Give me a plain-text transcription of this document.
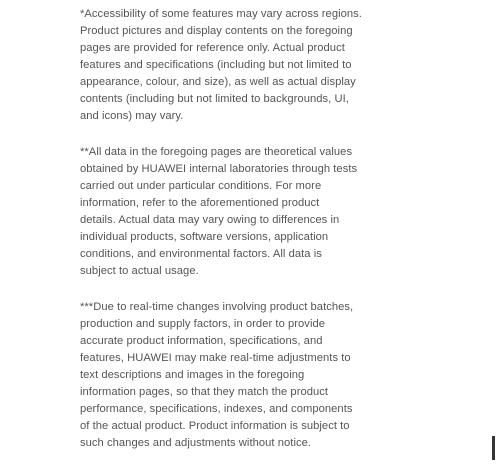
*Accessibility of some features may vary across regions.
Product pictures and display contents on the foregoing
pages are provided for reference only. Actual product
features and specifications (including but not limited to
appearance, colour, and size), as well as actual display
contents (including but not limited to backgrounds, UI,
and icons) may vary.

**All data in the foregoing pages are theoretical values
obtained by HUAWEI internal laboratories through tests
carried out under particular conditions. For more
information, refer to the aforementioned product
details. Actual data may vary owing to differences in
individual products, software versions, application
conditions, and environmental factors. All data is
subject to actual usage.

***Due to real-time changes involving product batches,
production and supply factors, in order to provide
accurate product information, specifications, and
features, HUAWEI may make real-time adjustments to
text descriptions and images in the foregoing
information pages, so that they match the product
performance, specifications, indexes, and components
of the actual product. Product information is subject to
such changes and adjustments without notice.
